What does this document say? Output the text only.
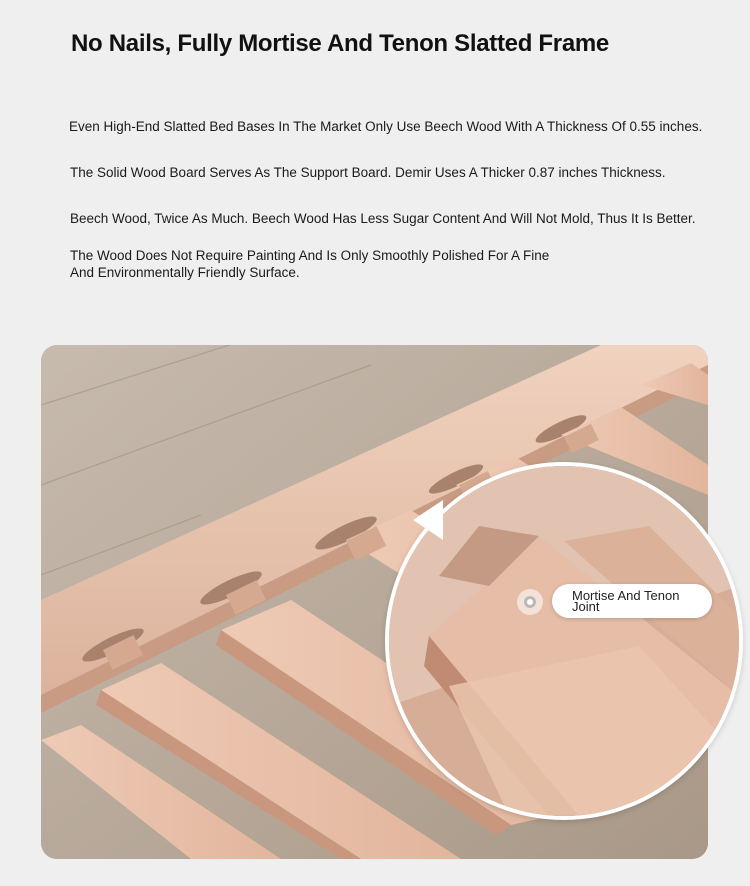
No Nails, Fully Mortise And Tenon Slatted Frame
Even High-End Slatted Bed Bases In The Market Only Use Beech Wood With A Thickness Of 0.55 inches.
The Solid Wood Board Serves As The Support Board. Demir Uses A Thicker 0.87 inches Thickness.
Beech Wood, Twice As Much. Beech Wood Has Less Sugar Content And Will Not Mold, Thus It Is Better.
The Wood Does Not Require Painting And Is Only Smoothly Polished For A Fine
And Environmentally Friendly Surface.
Mortise And Tenon
Joint
